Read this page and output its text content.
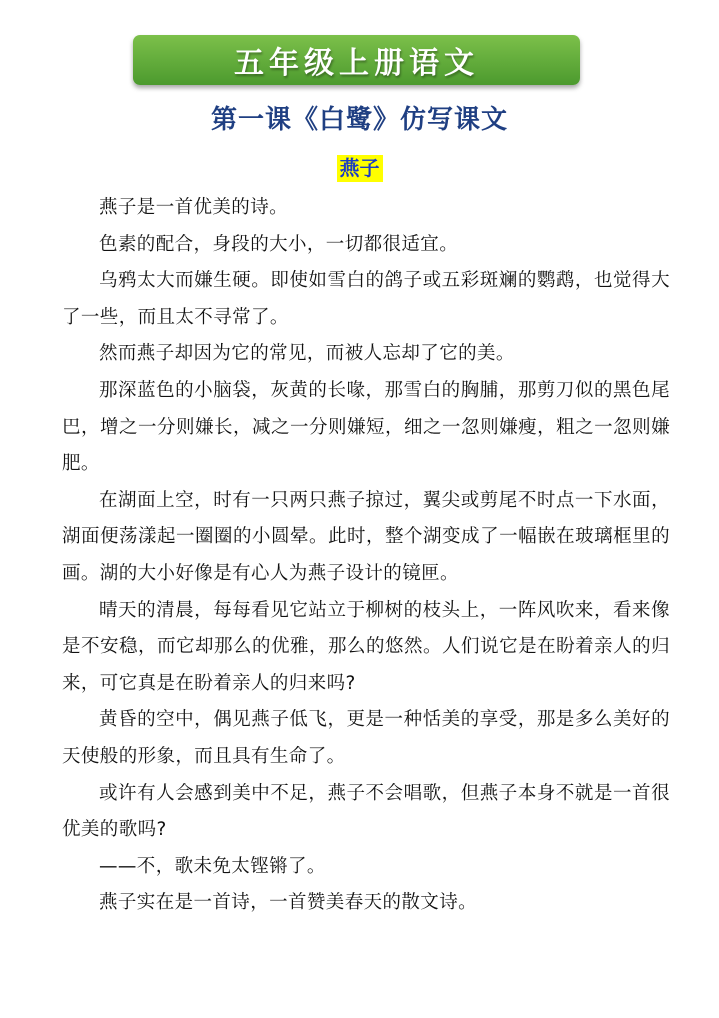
五年级上册语文
第一课《白鹭》仿写课文
燕子

燕子是一首优美的诗。

色素的配合，身段的大小，一切都很适宜。

乌鸦太大而嫌生硬。即使如雪白的鸽子或五彩斑斓的鹦鹉，也觉得大了一些，而且太不寻常了。

然而燕子却因为它的常见，而被人忘却了它的美。

那深蓝色的小脑袋，灰黄的长喙，那雪白的胸脯，那剪刀似的黑色尾巴，增之一分则嫌长，减之一分则嫌短，细之一忽则嫌瘦，粗之一忽则嫌肥。

在湖面上空，时有一只两只燕子掠过，翼尖或剪尾不时点一下水面，湖面便荡漾起一圈圈的小圆晕。此时，整个湖变成了一幅嵌在玻璃框里的画。湖的大小好像是有心人为燕子设计的镜匣。

晴天的清晨，每每看见它站立于柳树的枝头上，一阵风吹来，看来像是不安稳，而它却那么的优雅，那么的悠然。人们说它是在盼着亲人的归来，可它真是在盼着亲人的归来吗?

黄昏的空中，偶见燕子低飞，更是一种恬美的享受，那是多么美好的天使般的形象，而且具有生命了。

或许有人会感到美中不足，燕子不会唱歌，但燕子本身不就是一首很优美的歌吗?

——不，歌未免太铿锵了。

燕子实在是一首诗，一首赞美春天的散文诗。
